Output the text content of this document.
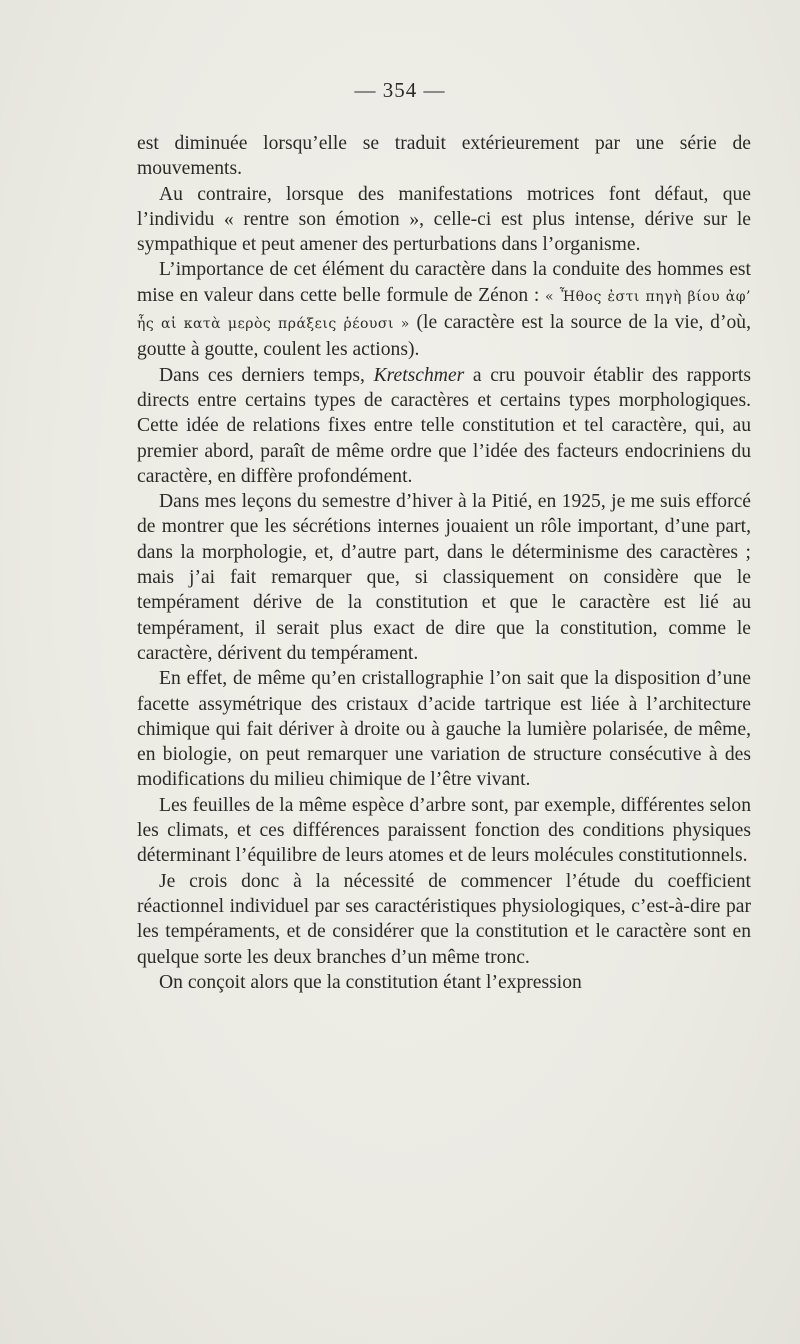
— 354 —

est diminuée lorsqu’elle se traduit extérieurement par une série de mouvements.

Au contraire, lorsque des manifestations motrices font défaut, que l’individu « rentre son émotion », celle-ci est plus intense, dérive sur le sympathique et peut amener des perturbations dans l’organisme.

L’importance de cet élément du caractère dans la conduite des hommes est mise en valeur dans cette belle formule de Zénon : « Ἦθος ἐστι πηγὴ βίου ἀφ’ ἧς αἱ κατὰ μερὸς πράξεις ῥέουσι » (le caractère est la source de la vie, d’où, goutte à goutte, coulent les actions).

Dans ces derniers temps, Kretschmer a cru pouvoir établir des rapports directs entre certains types de caractères et certains types morphologiques. Cette idée de relations fixes entre telle constitution et tel caractère, qui, au premier abord, paraît de même ordre que l’idée des facteurs endocriniens du caractère, en diffère profondément.

Dans mes leçons du semestre d’hiver à la Pitié, en 1925, je me suis efforcé de montrer que les sécrétions internes jouaient un rôle important, d’une part, dans la morphologie, et, d’autre part, dans le déterminisme des caractères ; mais j’ai fait remarquer que, si classiquement on considère que le tempérament dérive de la constitution et que le caractère est lié au tempérament, il serait plus exact de dire que la constitution, comme le caractère, dérivent du tempérament.

En effet, de même qu’en cristallographie l’on sait que la disposition d’une facette assymétrique des cristaux d’acide tartrique est liée à l’architecture chimique qui fait dériver à droite ou à gauche la lumière polarisée, de même, en biologie, on peut remarquer une variation de structure consécutive à des modifications du milieu chimique de l’être vivant.

Les feuilles de la même espèce d’arbre sont, par exemple, différentes selon les climats, et ces différences paraissent fonction des conditions physiques déterminant l’équilibre de leurs atomes et de leurs molécules constitutionnels.

Je crois donc à la nécessité de commencer l’étude du coefficient réactionnel individuel par ses caractéristiques physiologiques, c’est-à-dire par les tempéraments, et de considérer que la constitution et le caractère sont en quelque sorte les deux branches d’un même tronc.

On conçoit alors que la constitution étant l’expression
